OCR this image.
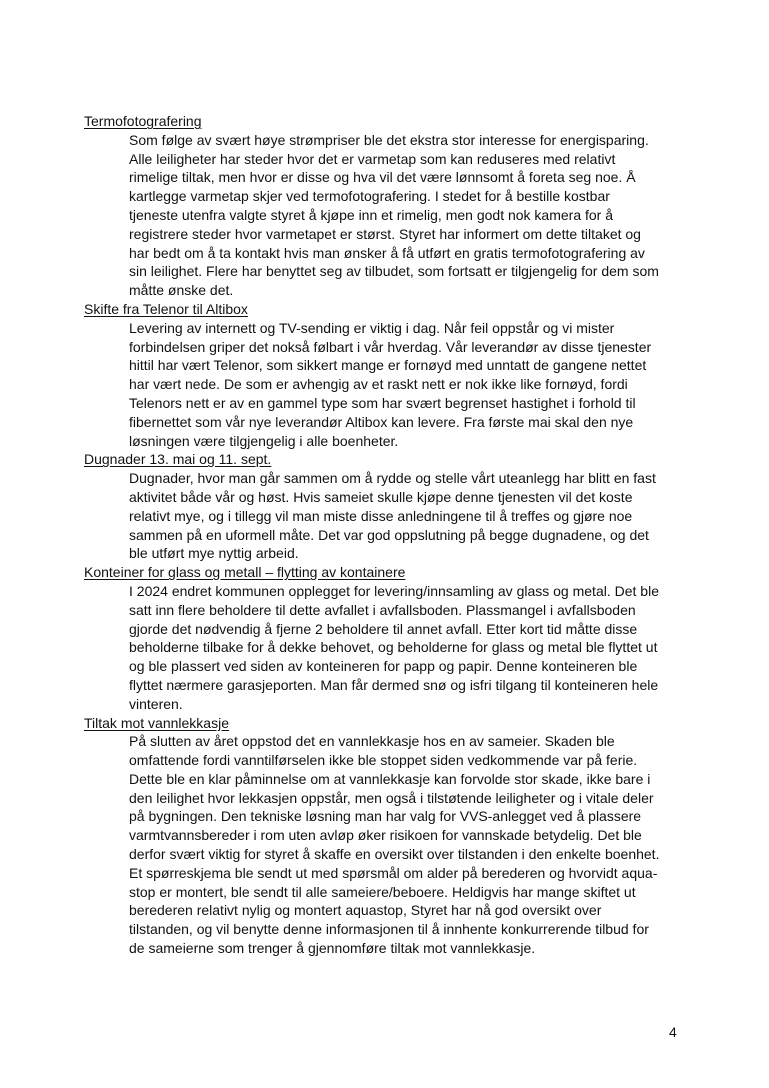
Termofotografering

Som følge av svært høye strømpriser ble det ekstra stor interesse for energisparing.
Alle leiligheter har steder hvor det er varmetap som kan reduseres med relativt
rimelige tiltak, men hvor er disse og hva vil det være lønnsomt å foreta seg noe. Å
kartlegge varmetap skjer ved termofotografering. I stedet for å bestille kostbar
tjeneste utenfra valgte styret å kjøpe inn et rimelig, men godt nok kamera for å
registrere steder hvor varmetapet er størst. Styret har informert om dette tiltaket og
har bedt om å ta kontakt hvis man ønsker å få utført en gratis termofotografering av
sin leilighet. Flere har benyttet seg av tilbudet, som fortsatt er tilgjengelig for dem som
måtte ønske det.

Skifte fra Telenor til Altibox

Levering av internett og TV-sending er viktig i dag. Når feil oppstår og vi mister
forbindelsen griper det nokså følbart i vår hverdag. Vår leverandør av disse tjenester
hittil har vært Telenor, som sikkert mange er fornøyd med unntatt de gangene nettet
har vært nede. De som er avhengig av et raskt nett er nok ikke like fornøyd, fordi
Telenors nett er av en gammel type som har svært begrenset hastighet i forhold til
fibernettet som vår nye leverandør Altibox kan levere. Fra første mai skal den nye
løsningen være tilgjengelig i alle boenheter.

Dugnader 13. mai og 11. sept.

Dugnader, hvor man går sammen om å rydde og stelle vårt uteanlegg har blitt en fast
aktivitet både vår og høst. Hvis sameiet skulle kjøpe denne tjenesten vil det koste
relativt mye, og i tillegg vil man miste disse anledningene til å treffes og gjøre noe
sammen på en uformell måte. Det var god oppslutning på begge dugnadene, og det
ble utført mye nyttig arbeid.

Konteiner for glass og metall – flytting av kontainere

I 2024 endret kommunen opplegget for levering/innsamling av glass og metal. Det ble
satt inn flere beholdere til dette avfallet i avfallsboden. Plassmangel i avfallsboden
gjorde det nødvendig å fjerne 2 beholdere til annet avfall. Etter kort tid måtte disse
beholderne tilbake for å dekke behovet, og beholderne for glass og metal ble flyttet ut
og ble plassert ved siden av konteineren for papp og papir. Denne konteineren ble
flyttet nærmere garasjeporten. Man får dermed snø og isfri tilgang til konteineren hele
vinteren.

Tiltak mot vannlekkasje

På slutten av året oppstod det en vannlekkasje hos en av sameier. Skaden ble
omfattende fordi vanntilførselen ikke ble stoppet siden vedkommende var på ferie.
Dette ble en klar påminnelse om at vannlekkasje kan forvolde stor skade, ikke bare i
den leilighet hvor lekkasjen oppstår, men også i tilstøtende leiligheter og i vitale deler
på bygningen. Den tekniske løsning man har valg for VVS-anlegget ved å plassere
varmtvannsbereder i rom uten avløp øker risikoen for vannskade betydelig. Det ble
derfor svært viktig for styret å skaffe en oversikt over tilstanden i den enkelte boenhet.
Et spørreskjema ble sendt ut med spørsmål om alder på berederen og hvorvidt aqua-
stop er montert, ble sendt til alle sameiere/beboere. Heldigvis har mange skiftet ut
berederen relativt nylig og montert aquastop, Styret har nå god oversikt over
tilstanden, og vil benytte denne informasjonen til å innhente konkurrerende tilbud for
de sameierne som trenger å gjennomføre tiltak mot vannlekkasje.
4
